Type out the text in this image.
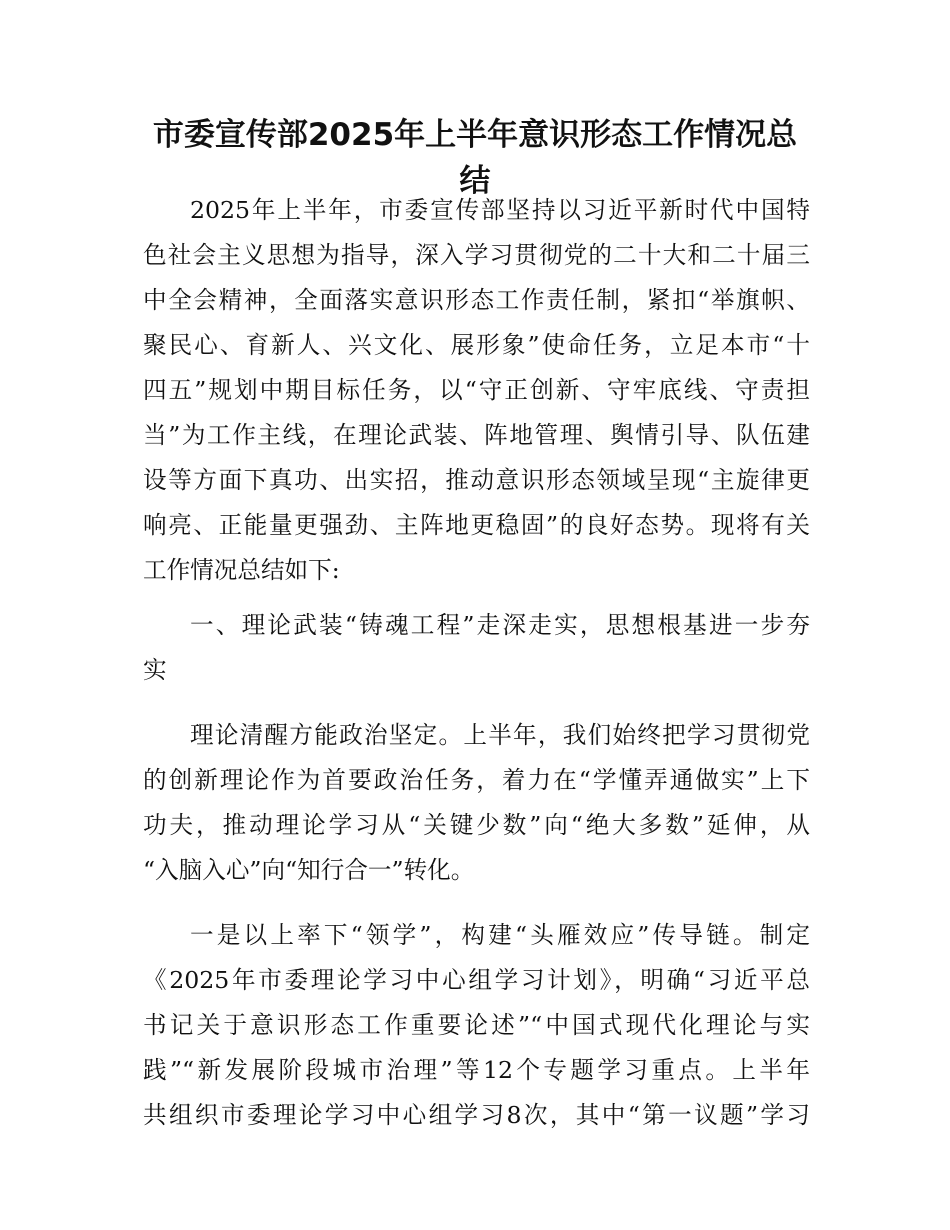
市委宣传部2025年上半年意识形态工作情况总
结
2025年上半年，市委宣传部坚持以习近平新时代中国特
色社会主义思想为指导，深入学习贯彻党的二十大和二十届三
中全会精神，全面落实意识形态工作责任制，紧扣“举旗帜、
聚民心、育新人、兴文化、展形象”使命任务，立足本市“十
四五”规划中期目标任务，以“守正创新、守牢底线、守责担
当”为工作主线，在理论武装、阵地管理、舆情引导、队伍建
设等方面下真功、出实招，推动意识形态领域呈现“主旋律更
响亮、正能量更强劲、主阵地更稳固”的良好态势。现将有关
工作情况总结如下:
一、理论武装“铸魂工程”走深走实，思想根基进一步夯
实
理论清醒方能政治坚定。上半年，我们始终把学习贯彻党
的创新理论作为首要政治任务，着力在“学懂弄通做实”上下
功夫，推动理论学习从“关键少数”向“绝大多数”延伸，从
“入脑入心”向“知行合一”转化。
一是以上率下“领学”，构建“头雁效应”传导链。制定
《2025年市委理论学习中心组学习计划》，明确“习近平总
书记关于意识形态工作重要论述”“中国式现代化理论与实
践”“新发展阶段城市治理”等12个专题学习重点。上半年
共组织市委理论学习中心组学习8次，其中“第一议题”学习
